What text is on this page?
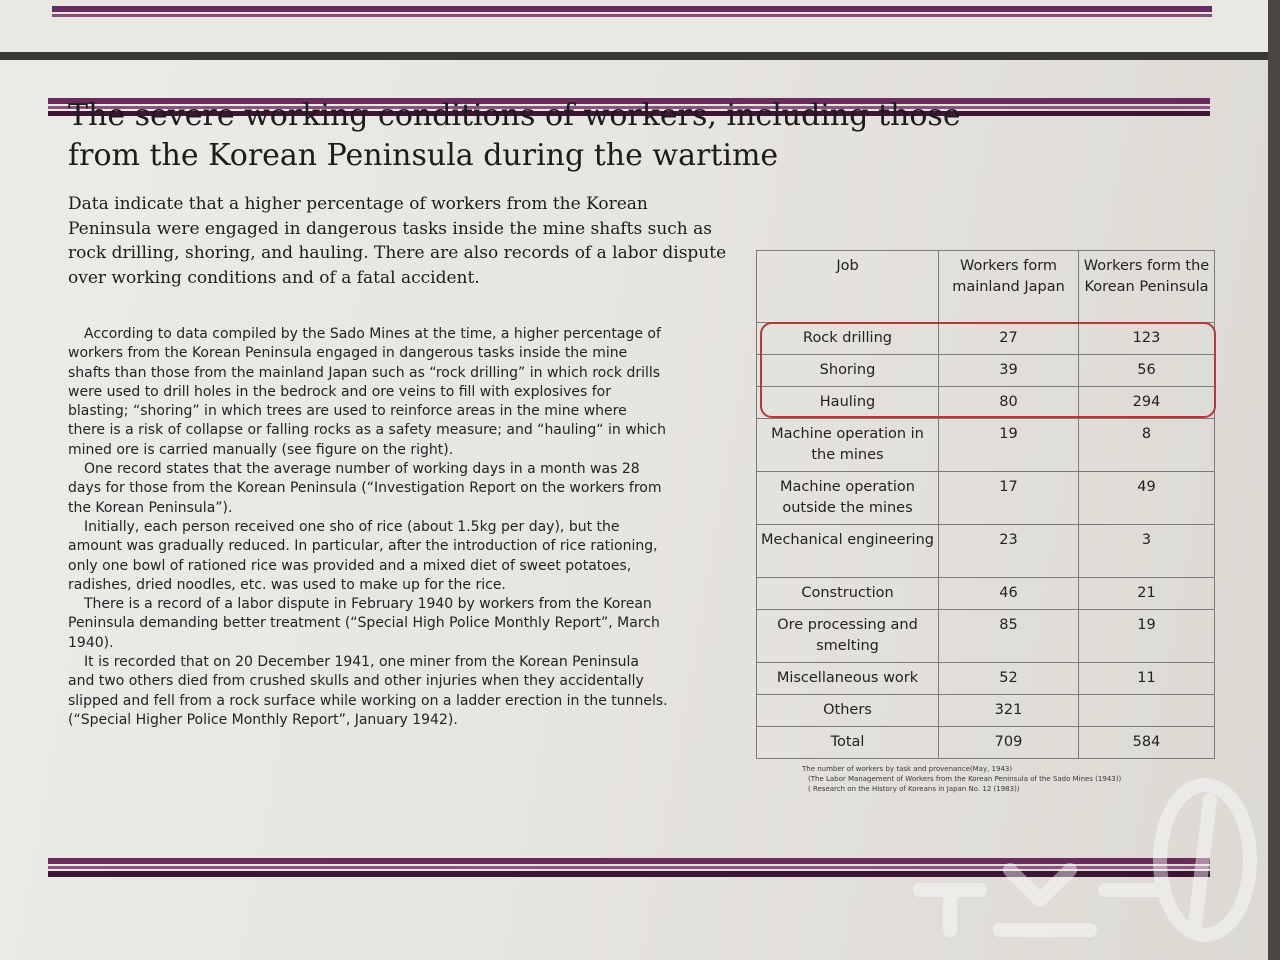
The severe working conditions of workers, including those from the Korean Peninsula during the wartime

Data indicate that a higher percentage of workers from the Korean Peninsula were engaged in dangerous tasks inside the mine shafts such as rock drilling, shoring, and hauling. There are also records of a labor dispute over working conditions and of a fatal accident.

According to data compiled by the Sado Mines at the time, a higher percentage of workers from the Korean Peninsula engaged in dangerous tasks inside the mine shafts than those from the mainland Japan such as “rock drilling” in which rock drills were used to drill holes in the bedrock and ore veins to fill with explosives for blasting; “shoring” in which trees are used to reinforce areas in the mine where there is a risk of collapse or falling rocks as a safety measure; and “hauling“ in which mined ore is carried manually (see figure on the right).

One record states that the average number of working days in a month was 28 days for those from the Korean Peninsula (“Investigation Report on the workers from the Korean Peninsula”).

Initially, each person received one sho of rice (about 1.5kg per day), but the amount was gradually reduced. In particular, after the introduction of rice rationing, only one bowl of rationed rice was provided and a mixed diet of sweet potatoes, radishes, dried noodles, etc. was used to make up for the rice.

There is a record of a labor dispute in February 1940 by workers from the Korean Peninsula demanding better treatment (“Special High Police Monthly Report”, March 1940).

It is recorded that on 20 December 1941, one miner from the Korean Peninsula and two others died from crushed skulls and other injuries when they accidentally slipped and fell from a rock surface while working on a ladder erection in the tunnels. (“Special Higher Police Monthly Report”, January 1942).

Job	Workers form mainland Japan	Workers form the Korean Peninsula
Rock drilling	27	123
Shoring	39	56
Hauling	80	294
Machine operation in the mines	19	8
Machine operation outside the mines	17	49
Mechanical engineering	23	3
Construction	46	21
Ore processing and smelting	85	19
Miscellaneous work	52	11
Others	321	
Total	709	584
The number of workers by task and provenance(May, 1943)
(The Labor Management of Workers from the Korean Peninsula of the Sado Mines (1943))
( Research on the History of Koreans in Japan No. 12 (1983))
